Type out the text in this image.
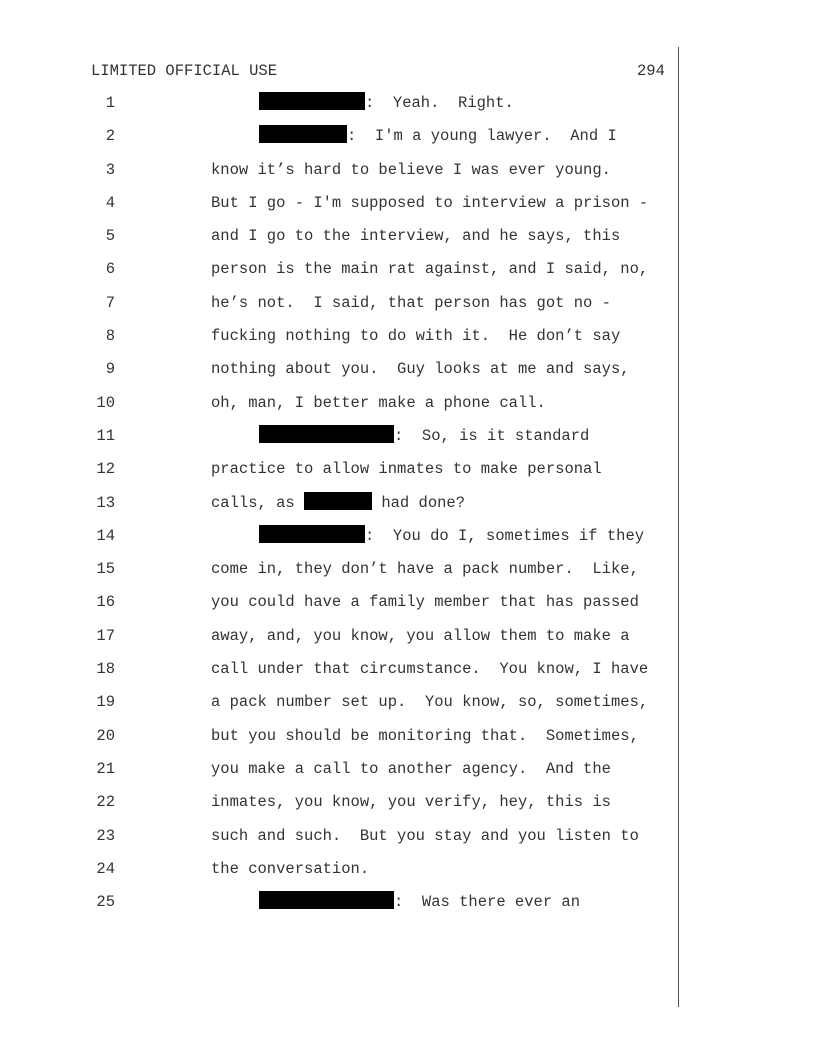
LIMITED OFFICIAL USE	294
1	:  Yeah.  Right.
2	:  I'm a young lawyer.  And I
3	know it’s hard to believe I was ever young.
4	But I go - I'm supposed to interview a prison -
5	and I go to the interview, and he says, this
6	person is the main rat against, and I said, no,
7	he’s not.  I said, that person has got no -
8	fucking nothing to do with it.  He don’t say
9	nothing about you.  Guy looks at me and says,
10	oh, man, I better make a phone call.
11	:  So, is it standard
12	practice to allow inmates to make personal
13	calls, as	had done?
14	:  You do I, sometimes if they
15	come in, they don’t have a pack number.  Like,
16	you could have a family member that has passed
17	away, and, you know, you allow them to make a
18	call under that circumstance.  You know, I have
19	a pack number set up.  You know, so, sometimes,
20	but you should be monitoring that.  Sometimes,
21	you make a call to another agency.  And the
22	inmates, you know, you verify, hey, this is
23	such and such.  But you stay and you listen to
24	the conversation.
25	:  Was there ever an
